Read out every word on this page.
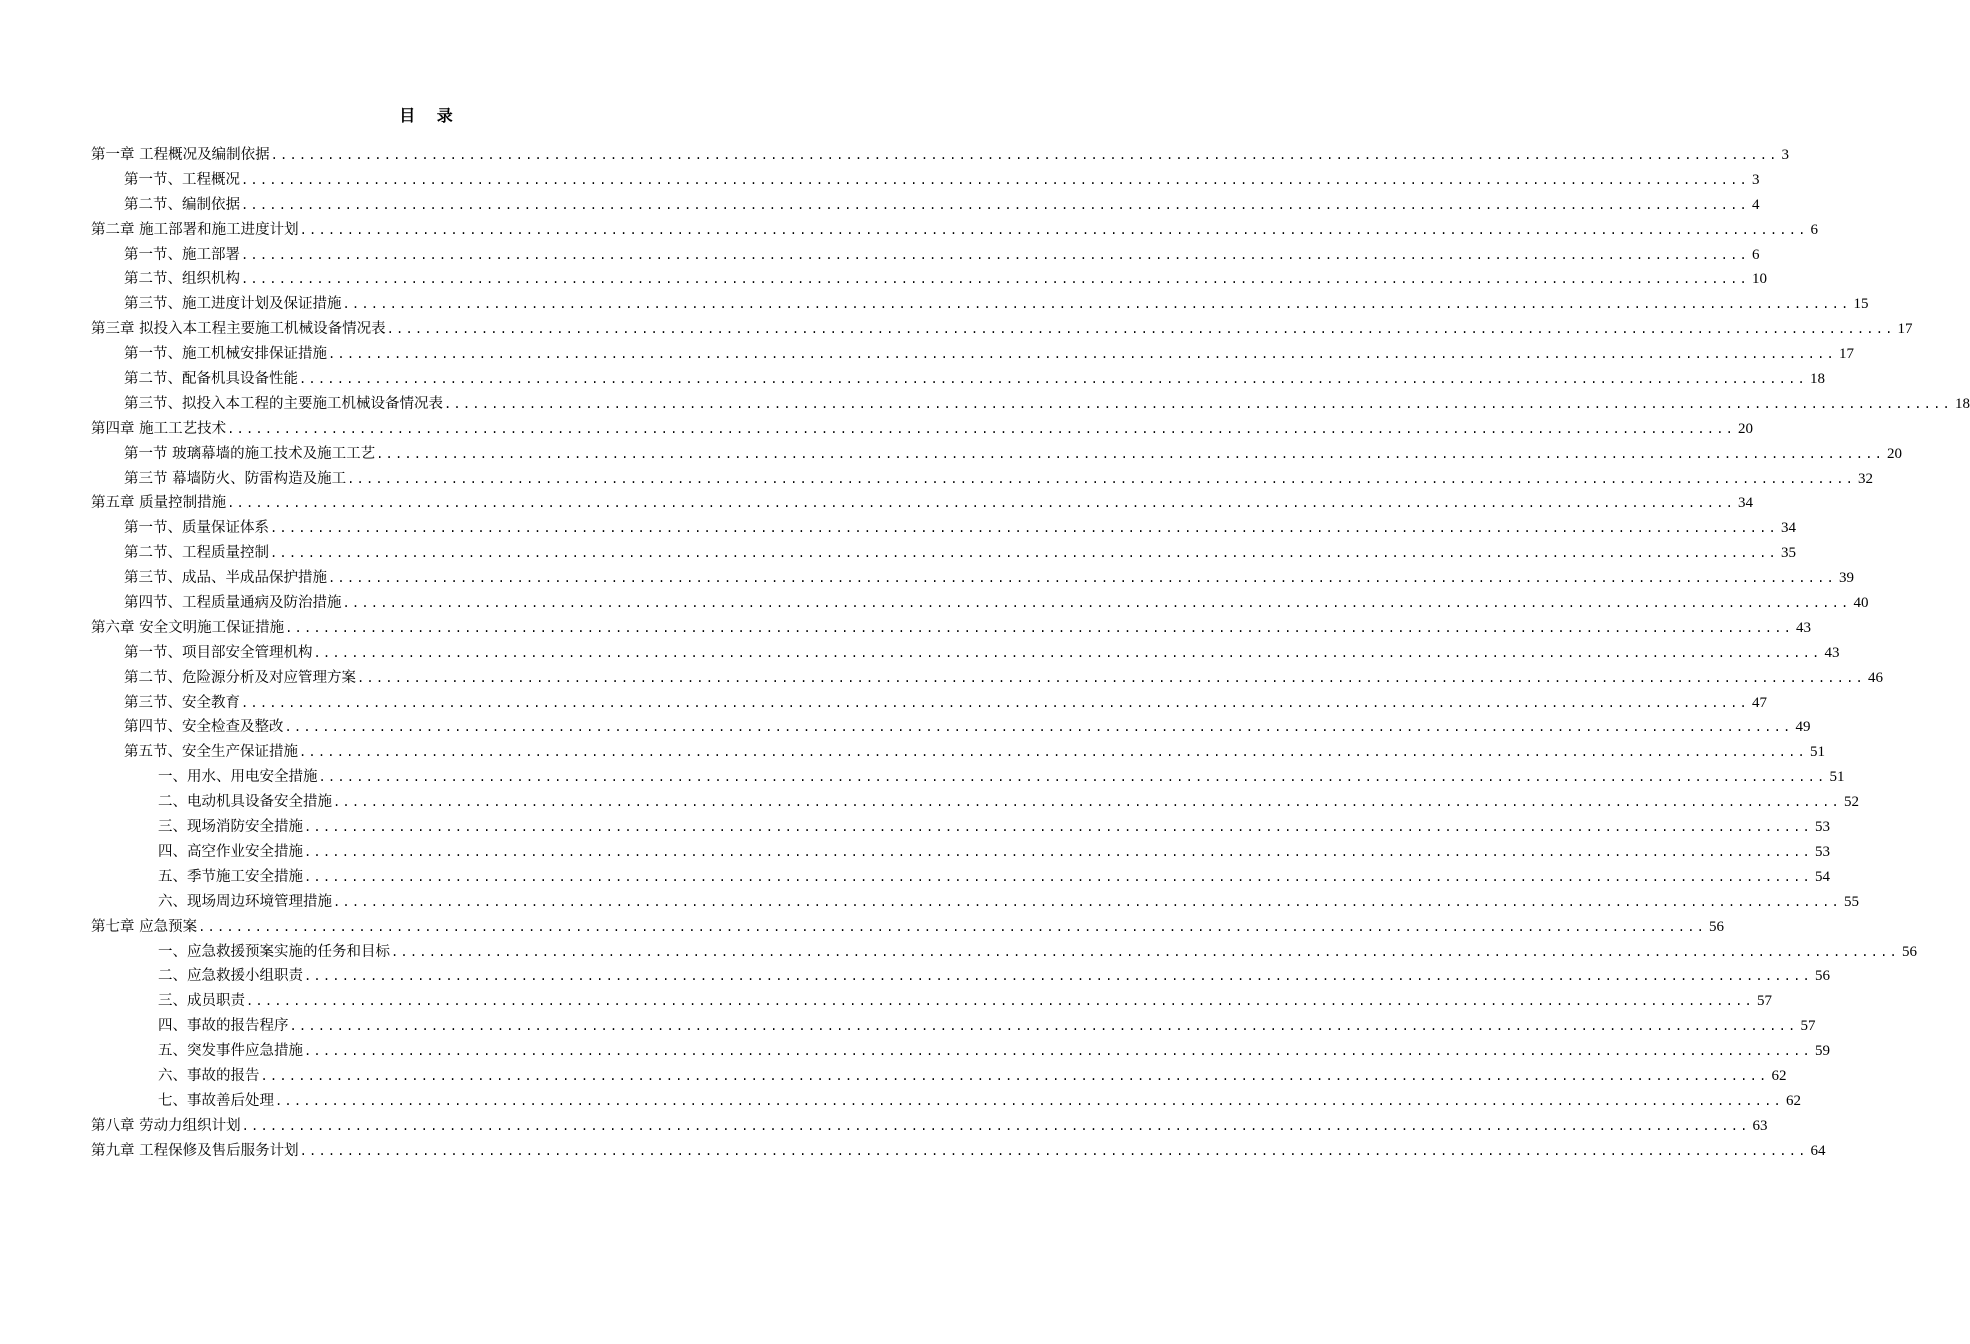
目 录
第一章 工程概况及编制依据 ................................................................................................................................................................ 3
第一节、工程概况 ................................................................................................................................................................ 3
第二节、编制依据 ................................................................................................................................................................ 4
第二章 施工部署和施工进度计划 ................................................................................................................................................................ 6
第一节、施工部署 ................................................................................................................................................................ 6
第二节、组织机构 ................................................................................................................................................................ 10
第三节、施工进度计划及保证措施 ................................................................................................................................................................ 15
第三章 拟投入本工程主要施工机械设备情况表 ................................................................................................................................................................ 17
第一节、施工机械安排保证措施 ................................................................................................................................................................ 17
第二节、配备机具设备性能 ................................................................................................................................................................ 18
第三节、拟投入本工程的主要施工机械设备情况表 ................................................................................................................................................................ 18
第四章 施工工艺技术 ................................................................................................................................................................ 20
第一节 玻璃幕墙的施工技术及施工工艺 ................................................................................................................................................................ 20
第三节 幕墙防火、防雷构造及施工 ................................................................................................................................................................ 32
第五章 质量控制措施 ................................................................................................................................................................ 34
第一节、质量保证体系 ................................................................................................................................................................ 34
第二节、工程质量控制 ................................................................................................................................................................ 35
第三节、成品、半成品保护措施 ................................................................................................................................................................ 39
第四节、工程质量通病及防治措施 ................................................................................................................................................................ 40
第六章 安全文明施工保证措施 ................................................................................................................................................................ 43
第一节、项目部安全管理机构 ................................................................................................................................................................ 43
第二节、危险源分析及对应管理方案 ................................................................................................................................................................ 46
第三节、安全教育 ................................................................................................................................................................ 47
第四节、安全检查及整改 ................................................................................................................................................................ 49
第五节、安全生产保证措施 ................................................................................................................................................................ 51
一、用水、用电安全措施 ................................................................................................................................................................ 51
二、电动机具设备安全措施 ................................................................................................................................................................ 52
三、现场消防安全措施 ................................................................................................................................................................ 53
四、高空作业安全措施 ................................................................................................................................................................ 53
五、季节施工安全措施 ................................................................................................................................................................ 54
六、现场周边环境管理措施 ................................................................................................................................................................ 55
第七章 应急预案 ................................................................................................................................................................ 56
一、应急救援预案实施的任务和目标 ................................................................................................................................................................ 56
二、应急救援小组职责 ................................................................................................................................................................ 56
三、成员职责 ................................................................................................................................................................ 57
四、事故的报告程序 ................................................................................................................................................................ 57
五、突发事件应急措施 ................................................................................................................................................................ 59
六、事故的报告 ................................................................................................................................................................ 62
七、事故善后处理 ................................................................................................................................................................ 62
第八章 劳动力组织计划 ................................................................................................................................................................ 63
第九章 工程保修及售后服务计划 ................................................................................................................................................................ 64
